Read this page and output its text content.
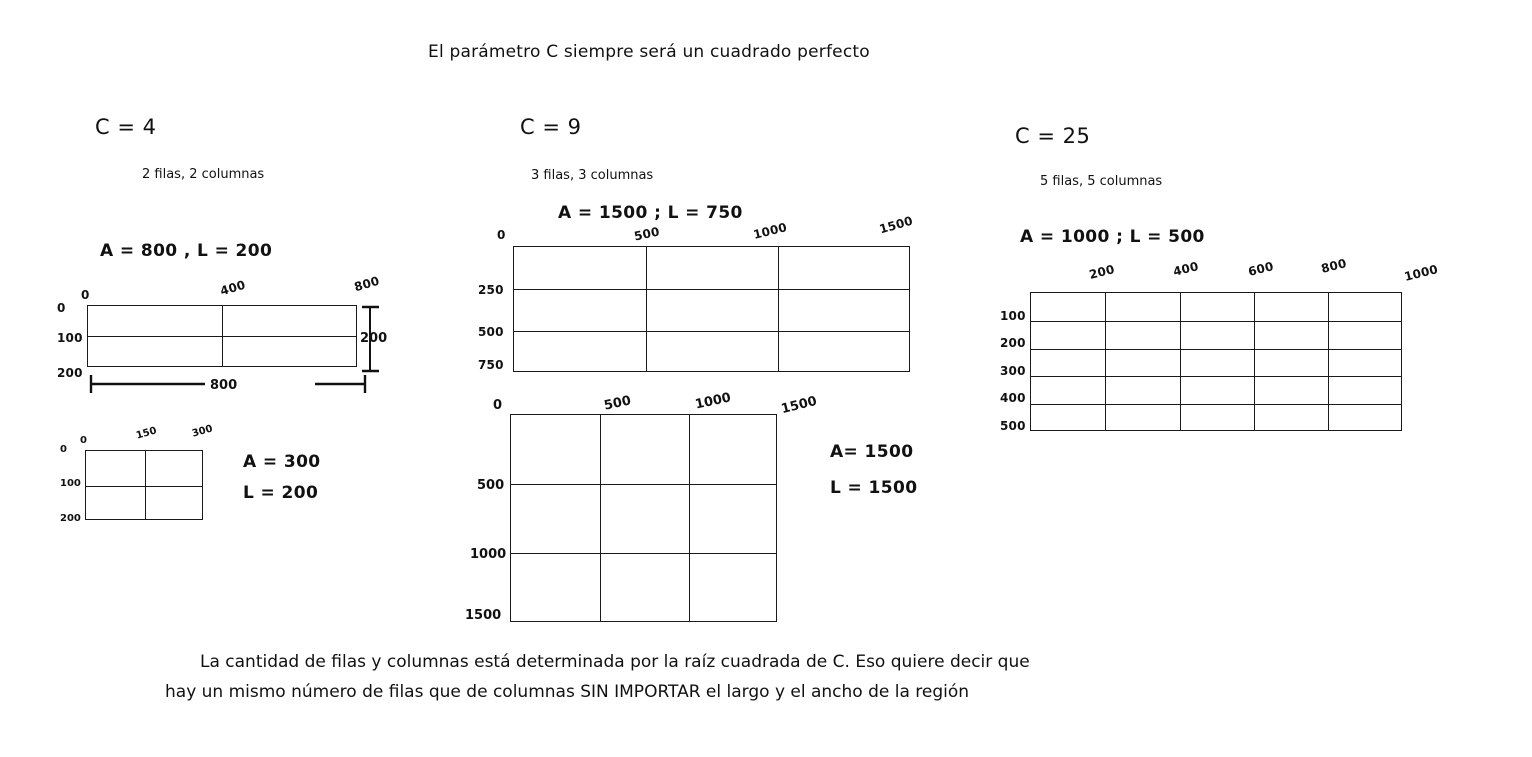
El parámetro C siempre será un cuadrado perfecto
C = 4
2 filas, 2 columnas
A = 800 , L = 200
0	400	800
0
100
200
200
800
0	150	300
0
100
200
A = 300
L = 200
C = 9
3 filas, 3 columnas
A = 1500 ; L = 750
0	500	1000	1500
250
500
750
0	500	1000	1500
500
1000
1500
A= 1500
L = 1500
C = 25
5 filas, 5 columnas
A = 1000 ; L = 500
200	400	600	800	1000
100
200
300
400
500
La cantidad de filas y columnas está determinada por la raíz cuadrada de C. Eso quiere decir que
hay un mismo número de filas que de columnas SIN IMPORTAR el largo y el ancho de la región
